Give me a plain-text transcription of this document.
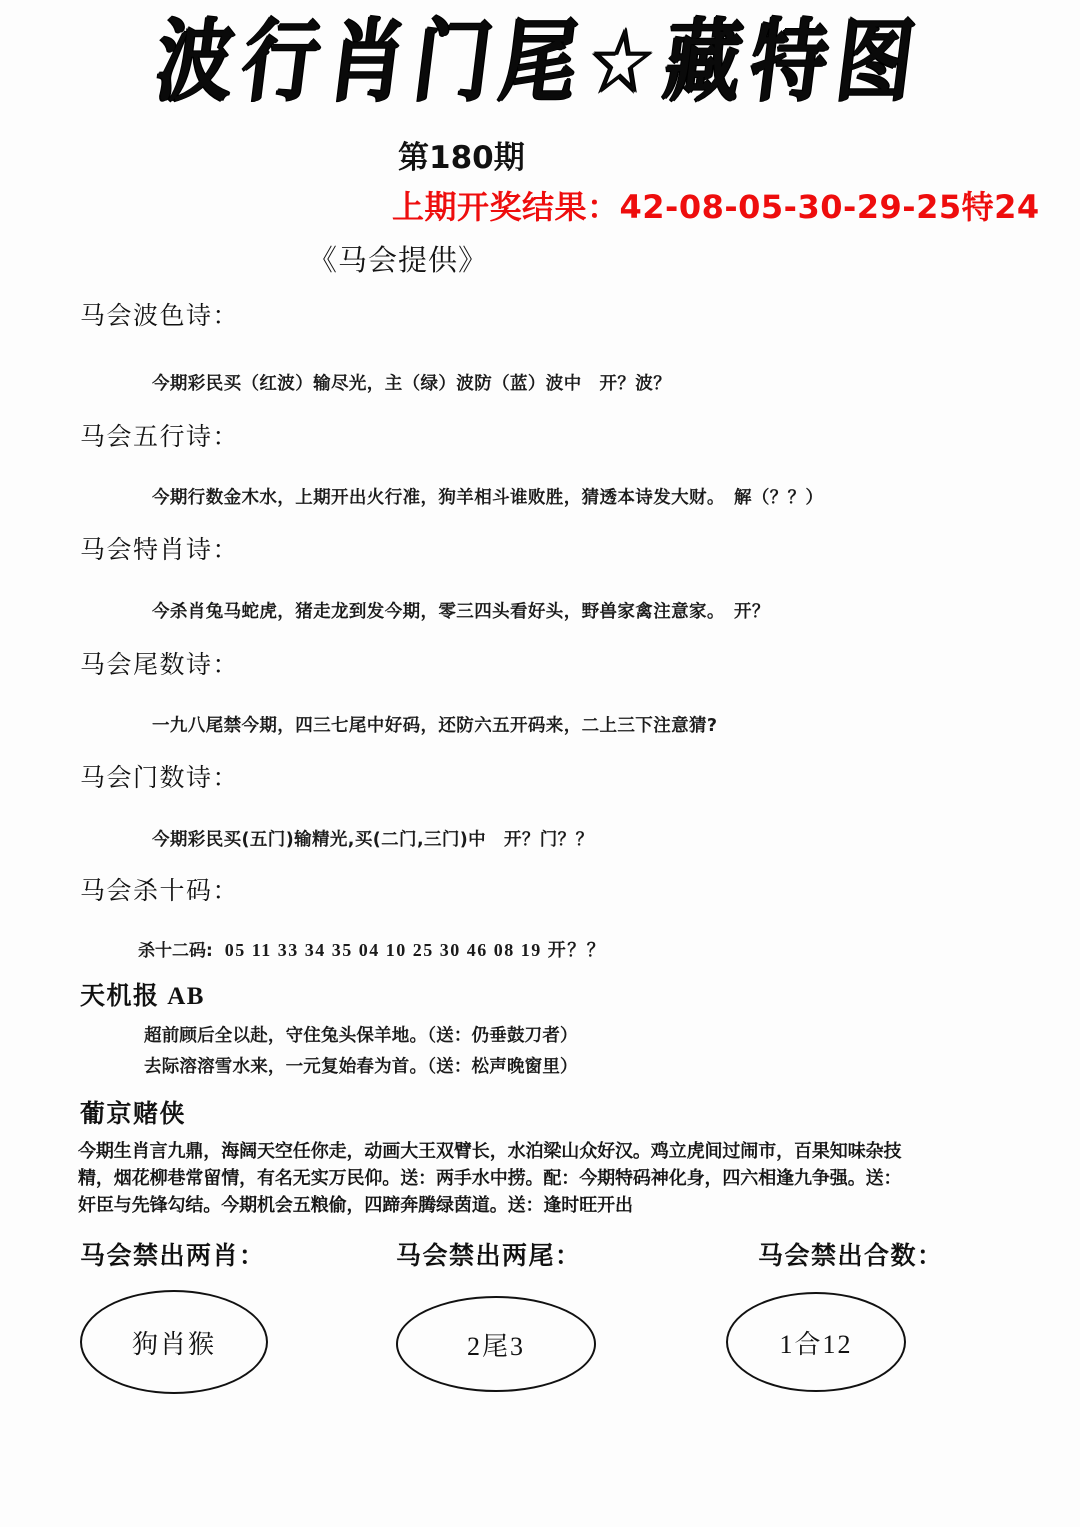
波行肖门尾☆藏特图
第180期
上期开奖结果：42-08-05-30-29-25特24
《马会提供》
马会波色诗：
今期彩民买（红波）输尽光，主（绿）波防（蓝）波中　开？波？
马会五行诗：
今期行数金木水，上期开出火行准，狗羊相斗谁败胜，猜透本诗发大财。　解（？？）
马会特肖诗：
今杀肖兔马蛇虎，猪走龙到发今期，零三四头看好头，野兽家禽注意家。　开？
马会尾数诗：
一九八尾禁今期，四三七尾中好码，还防六五开码来，二上三下注意猜?
马会门数诗：
今期彩民买(五门)输精光,买(二门,三门)中　开？门？？
马会杀十码：
杀十二码: 05 11 33 34 35 04 10 25 30 46 08 19 开？？
天机报 AB
超前顾后全以赴，守住兔头保羊地。（送：仍垂鼓刀者）
去际溶溶雪水来，一元复始春为首。（送：松声晚窗里）
葡京赌侠
今期生肖言九鼎，海阔天空任你走，动画大王双臂长，水泊梁山众好汉。鸡立虎间过闹市，百果知味杂技
精，烟花柳巷常留情，有名无实万民仰。送：两手水中捞。配：今期特码神化身，四六相逢九争强。送：
奸臣与先锋勾结。今期机会五粮偷，四蹄奔腾绿茵道。送：逢时旺开出
马会禁出两肖：	马会禁出两尾：	马会禁出合数：
狗肖猴	2尾3	1合12
